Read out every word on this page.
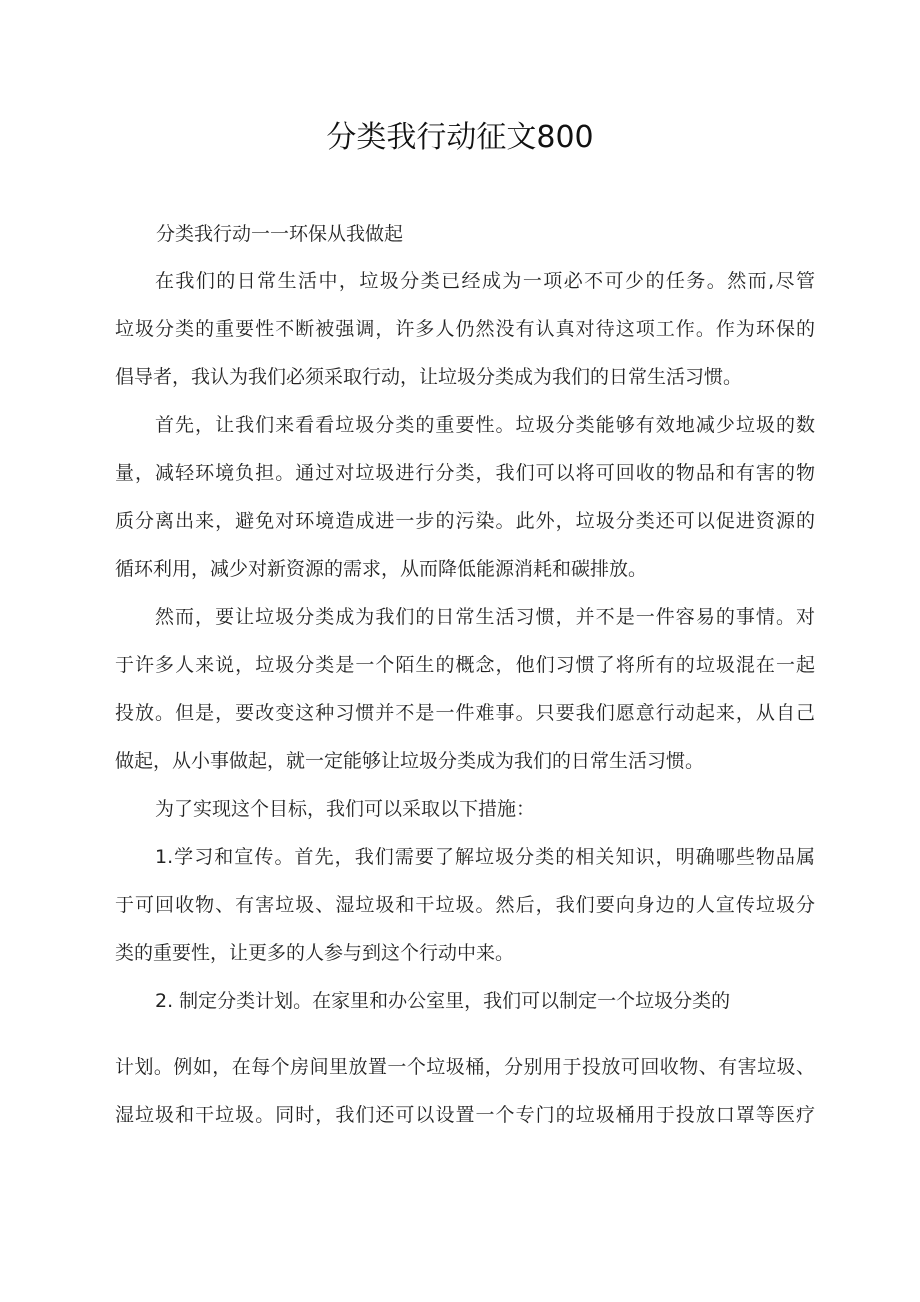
分类我行动征文800
分类我行动一一环保从我做起
在我们的日常生活中，垃圾分类已经成为一项必不可少的任务。然而,尽管
垃圾分类的重要性不断被强调，许多人仍然没有认真对待这项工作。作为环保的
倡导者，我认为我们必须采取行动，让垃圾分类成为我们的日常生活习惯。
首先，让我们来看看垃圾分类的重要性。垃圾分类能够有效地减少垃圾的数
量，减轻环境负担。通过对垃圾进行分类，我们可以将可回收的物品和有害的物
质分离出来，避免对环境造成进一步的污染。此外，垃圾分类还可以促进资源的
循环利用，减少对新资源的需求，从而降低能源消耗和碳排放。
然而，要让垃圾分类成为我们的日常生活习惯，并不是一件容易的事情。对
于许多人来说，垃圾分类是一个陌生的概念，他们习惯了将所有的垃圾混在一起
投放。但是，要改变这种习惯并不是一件难事。只要我们愿意行动起来，从自己
做起，从小事做起，就一定能够让垃圾分类成为我们的日常生活习惯。
为了实现这个目标，我们可以采取以下措施：
1.学习和宣传。首先，我们需要了解垃圾分类的相关知识，明确哪些物品属
于可回收物、有害垃圾、湿垃圾和干垃圾。然后，我们要向身边的人宣传垃圾分
类的重要性，让更多的人参与到这个行动中来。
2. 制定分类计划。在家里和办公室里，我们可以制定一个垃圾分类的
计划。例如，在每个房间里放置一个垃圾桶，分别用于投放可回收物、有害垃圾、
湿垃圾和干垃圾。同时，我们还可以设置一个专门的垃圾桶用于投放口罩等医疗
